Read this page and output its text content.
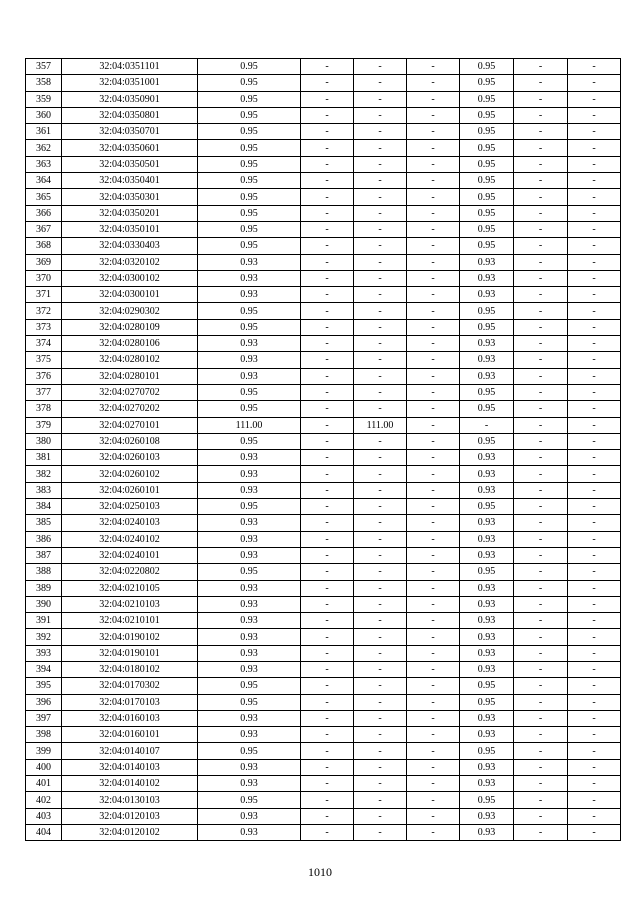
357	32:04:0351101	0.95	-	-	-	0.95	-	-
358	32:04:0351001	0.95	-	-	-	0.95	-	-
359	32:04:0350901	0.95	-	-	-	0.95	-	-
360	32:04:0350801	0.95	-	-	-	0.95	-	-
361	32:04:0350701	0.95	-	-	-	0.95	-	-
362	32:04:0350601	0.95	-	-	-	0.95	-	-
363	32:04:0350501	0.95	-	-	-	0.95	-	-
364	32:04:0350401	0.95	-	-	-	0.95	-	-
365	32:04:0350301	0.95	-	-	-	0.95	-	-
366	32:04:0350201	0.95	-	-	-	0.95	-	-
367	32:04:0350101	0.95	-	-	-	0.95	-	-
368	32:04:0330403	0.95	-	-	-	0.95	-	-
369	32:04:0320102	0.93	-	-	-	0.93	-	-
370	32:04:0300102	0.93	-	-	-	0.93	-	-
371	32:04:0300101	0.93	-	-	-	0.93	-	-
372	32:04:0290302	0.95	-	-	-	0.95	-	-
373	32:04:0280109	0.95	-	-	-	0.95	-	-
374	32:04:0280106	0.93	-	-	-	0.93	-	-
375	32:04:0280102	0.93	-	-	-	0.93	-	-
376	32:04:0280101	0.93	-	-	-	0.93	-	-
377	32:04:0270702	0.95	-	-	-	0.95	-	-
378	32:04:0270202	0.95	-	-	-	0.95	-	-
379	32:04:0270101	111.00	-	111.00	-	-	-	-
380	32:04:0260108	0.95	-	-	-	0.95	-	-
381	32:04:0260103	0.93	-	-	-	0.93	-	-
382	32:04:0260102	0.93	-	-	-	0.93	-	-
383	32:04:0260101	0.93	-	-	-	0.93	-	-
384	32:04:0250103	0.95	-	-	-	0.95	-	-
385	32:04:0240103	0.93	-	-	-	0.93	-	-
386	32:04:0240102	0.93	-	-	-	0.93	-	-
387	32:04:0240101	0.93	-	-	-	0.93	-	-
388	32:04:0220802	0.95	-	-	-	0.95	-	-
389	32:04:0210105	0.93	-	-	-	0.93	-	-
390	32:04:0210103	0.93	-	-	-	0.93	-	-
391	32:04:0210101	0.93	-	-	-	0.93	-	-
392	32:04:0190102	0.93	-	-	-	0.93	-	-
393	32:04:0190101	0.93	-	-	-	0.93	-	-
394	32:04:0180102	0.93	-	-	-	0.93	-	-
395	32:04:0170302	0.95	-	-	-	0.95	-	-
396	32:04:0170103	0.95	-	-	-	0.95	-	-
397	32:04:0160103	0.93	-	-	-	0.93	-	-
398	32:04:0160101	0.93	-	-	-	0.93	-	-
399	32:04:0140107	0.95	-	-	-	0.95	-	-
400	32:04:0140103	0.93	-	-	-	0.93	-	-
401	32:04:0140102	0.93	-	-	-	0.93	-	-
402	32:04:0130103	0.95	-	-	-	0.95	-	-
403	32:04:0120103	0.93	-	-	-	0.93	-	-
404	32:04:0120102	0.93	-	-	-	0.93	-	-
1010
